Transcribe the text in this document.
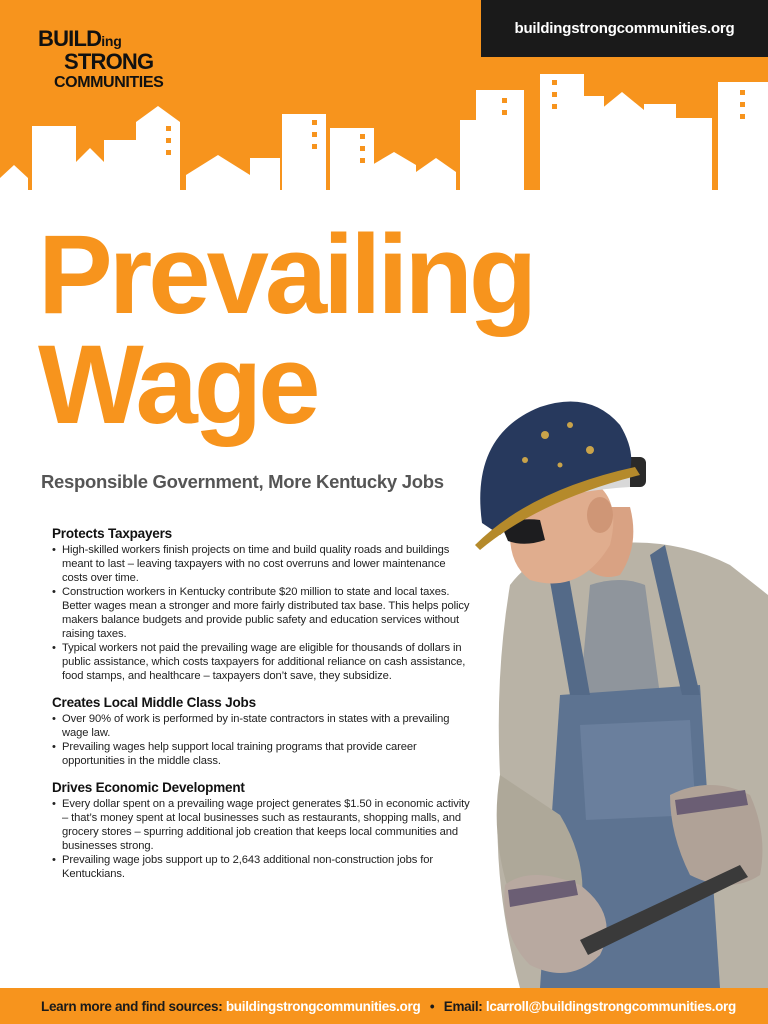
BUILDing
STRONG
COMMUNITIES
buildingstrongcommunities.org
Prevailing
Wage
Responsible Government, More Kentucky Jobs
Protects Taxpayers
• High-skilled workers finish projects on time and build quality roads and buildings meant to last – leaving taxpayers with no cost overruns and lower maintenance costs over time.
• Construction workers in Kentucky contribute $20 million to state and local taxes. Better wages mean a stronger and more fairly distributed tax base. This helps policy makers balance budgets and provide public safety and education services without raising taxes.
• Typical workers not paid the prevailing wage are eligible for thousands of dollars in public assistance, which costs taxpayers for additional reliance on cash assistance, food stamps, and healthcare – taxpayers don’t save, they subsidize.
Creates Local Middle Class Jobs
• Over 90% of work is performed by in-state contractors in states with a prevailing wage law.
• Prevailing wages help support local training programs that provide career opportunities in the middle class.
Drives Economic Development
• Every dollar spent on a prevailing wage project generates $1.50 in economic activity – that’s money spent at local businesses such as restaurants, shopping malls, and grocery stores – spurring additional job creation that keeps local communities and businesses strong.
• Prevailing wage jobs support up to 2,643 additional non-construction jobs for Kentuckians.
Learn more and find sources: buildingstrongcommunities.org • Email: lcarroll@buildingstrongcommunities.org
